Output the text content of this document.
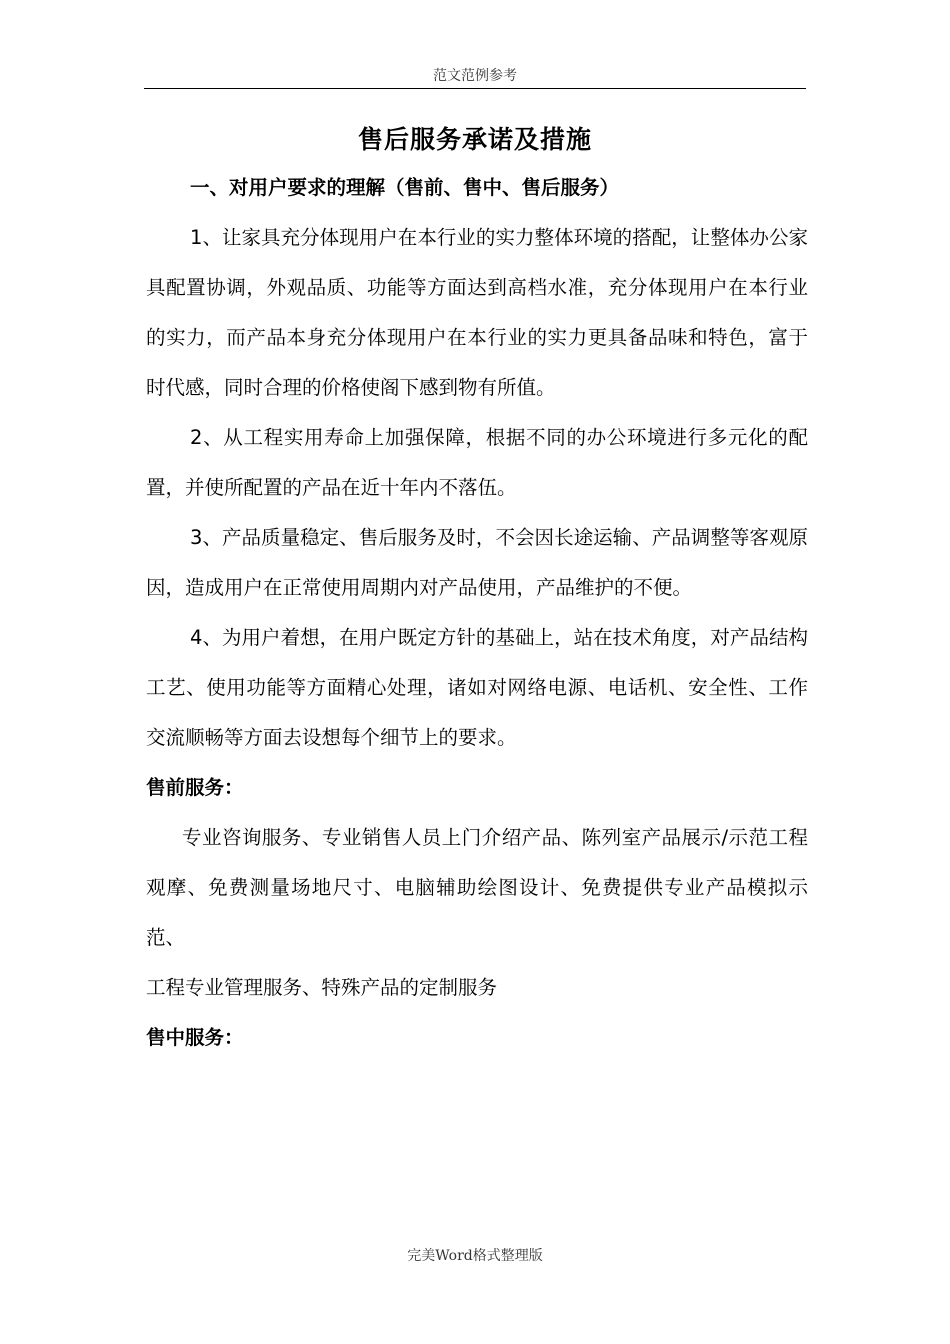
范文范例参考
售后服务承诺及措施

一、对用户要求的理解（售前、售中、售后服务）

1、让家具充分体现用户在本行业的实力整体环境的搭配，让整体办公家具配置协调，外观品质、功能等方面达到高档水准，充分体现用户在本行业的实力，而产品本身充分体现用户在本行业的实力更具备品味和特色，富于时代感，同时合理的价格使阁下感到物有所值。

2、从工程实用寿命上加强保障，根据不同的办公环境进行多元化的配置，并使所配置的产品在近十年内不落伍。

3、产品质量稳定、售后服务及时，不会因长途运输、产品调整等客观原因，造成用户在正常使用周期内对产品使用，产品维护的不便。

4、为用户着想，在用户既定方针的基础上，站在技术角度，对产品结构工艺、使用功能等方面精心处理，诸如对网络电源、电话机、安全性、工作交流顺畅等方面去设想每个细节上的要求。

售前服务：

专业咨询服务、专业销售人员上门介绍产品、陈列室产品展示/示范工程观摩、免费测量场地尺寸、电脑辅助绘图设计、免费提供专业产品模拟示范、

工程专业管理服务、特殊产品的定制服务

售中服务：

完美Word格式整理版
